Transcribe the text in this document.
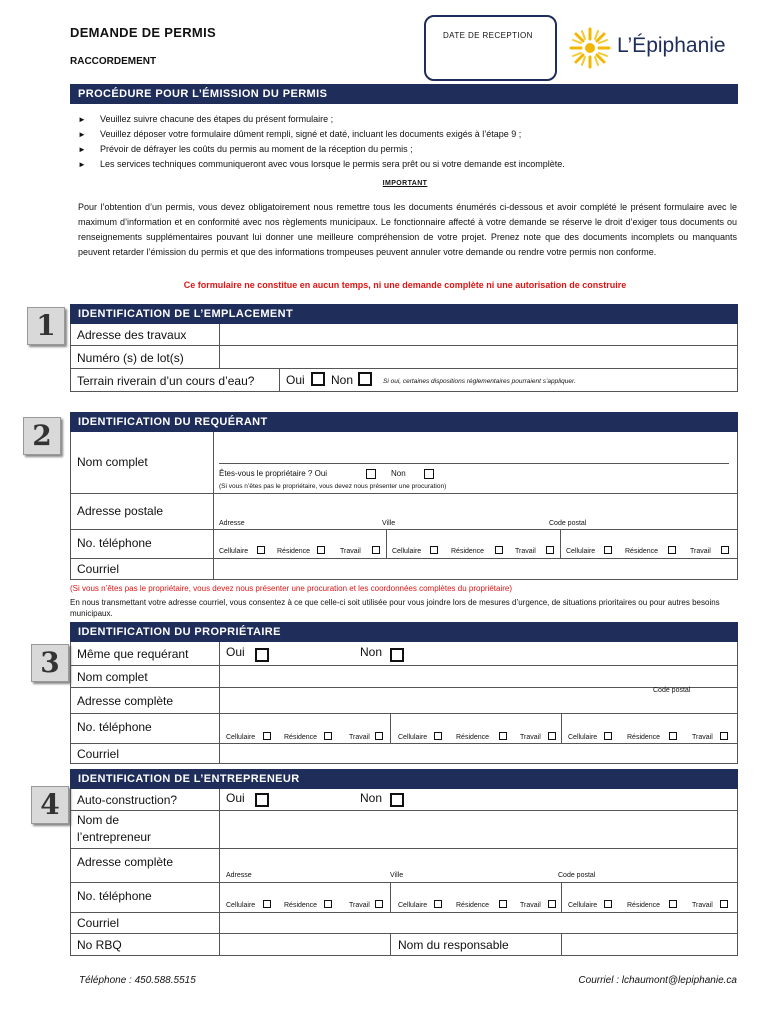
DEMANDE DE PERMIS
RACCORDEMENT
DATE DE RECEPTION	L’Épiphanie
PROCÉDURE POUR L’ÉMISSION DU PERMIS
► Veuillez suivre chacune des étapes du présent formulaire ;
► Veuillez déposer votre formulaire dûment rempli, signé et daté, incluant les documents exigés à l’étape 9 ;
► Prévoir de défrayer les coûts du permis au moment de la réception du permis ;
► Les services techniques communiqueront avec vous lorsque le permis sera prêt ou si votre demande est incomplète.
IMPORTANT
Pour l’obtention d’un permis, vous devez obligatoirement nous remettre tous les documents énumérés ci-dessous et avoir complété le présent formulaire avec le maximum d’information et en conformité avec nos règlements municipaux. Le fonctionnaire affecté à votre demande se réserve le droit d’exiger tous documents ou renseignements supplémentaires pouvant lui donner une meilleure compréhension de votre projet. Prenez note que des documents incomplets ou manquants peuvent retarder l’émission du permis et que des informations trompeuses peuvent annuler votre demande ou rendre votre permis non conforme.
Ce formulaire ne constitue en aucun temps, ni une demande complète ni une autorisation de construire
1	IDENTIFICATION DE L’EMPLACEMENT
Adresse des travaux
Numéro (s) de lot(s)
Terrain riverain d’un cours d’eau?	Oui Non	Si oui, certaines dispositions réglementaires pourraient s’appliquer.
2	IDENTIFICATION DU REQUÉRANT
Nom complet
Êtes-vous le propriétaire ? Oui	Non
(Si vous n’êtes pas le propriétaire, vous devez nous présenter une procuration)
Adresse postale
Adresse	Ville	Code postal
No. téléphone
Cellulaire	Résidence	Travail	Cellulaire	Résidence	Travail	Cellulaire	Résidence	Travail
Courriel
(Si vous n’êtes pas le propriétaire, vous devez nous présenter une procuration et les coordonnées complètes du propriétaire)
En nous transmettant votre adresse courriel, vous consentez à ce que celle-ci soit utilisée pour vous joindre lors de mesures d’urgence, de situations prioritaires ou pour autres besoins municipaux.
3
IDENTIFICATION DU PROPRIÉTAIRE
Même que requérant	Oui	Non
Nom complet
Adresse complète
Code postal
No. téléphone
Cellulaire	Résidence	Travail	Cellulaire	Résidence	Travail	Cellulaire	Résidence	Travail
Courriel
4
IDENTIFICATION DE L’ENTREPRENEUR
Auto-construction?	Oui	Non
Nom de
l’entrepreneur
Adresse complète
Adresse	Ville	Code postal
No. téléphone
Cellulaire	Résidence	Travail	Cellulaire	Résidence	Travail	Cellulaire	Résidence	Travail
Courriel
No RBQ	Nom du responsable
Téléphone : 450.588.5515	Courriel : lchaumont@lepiphanie.ca
